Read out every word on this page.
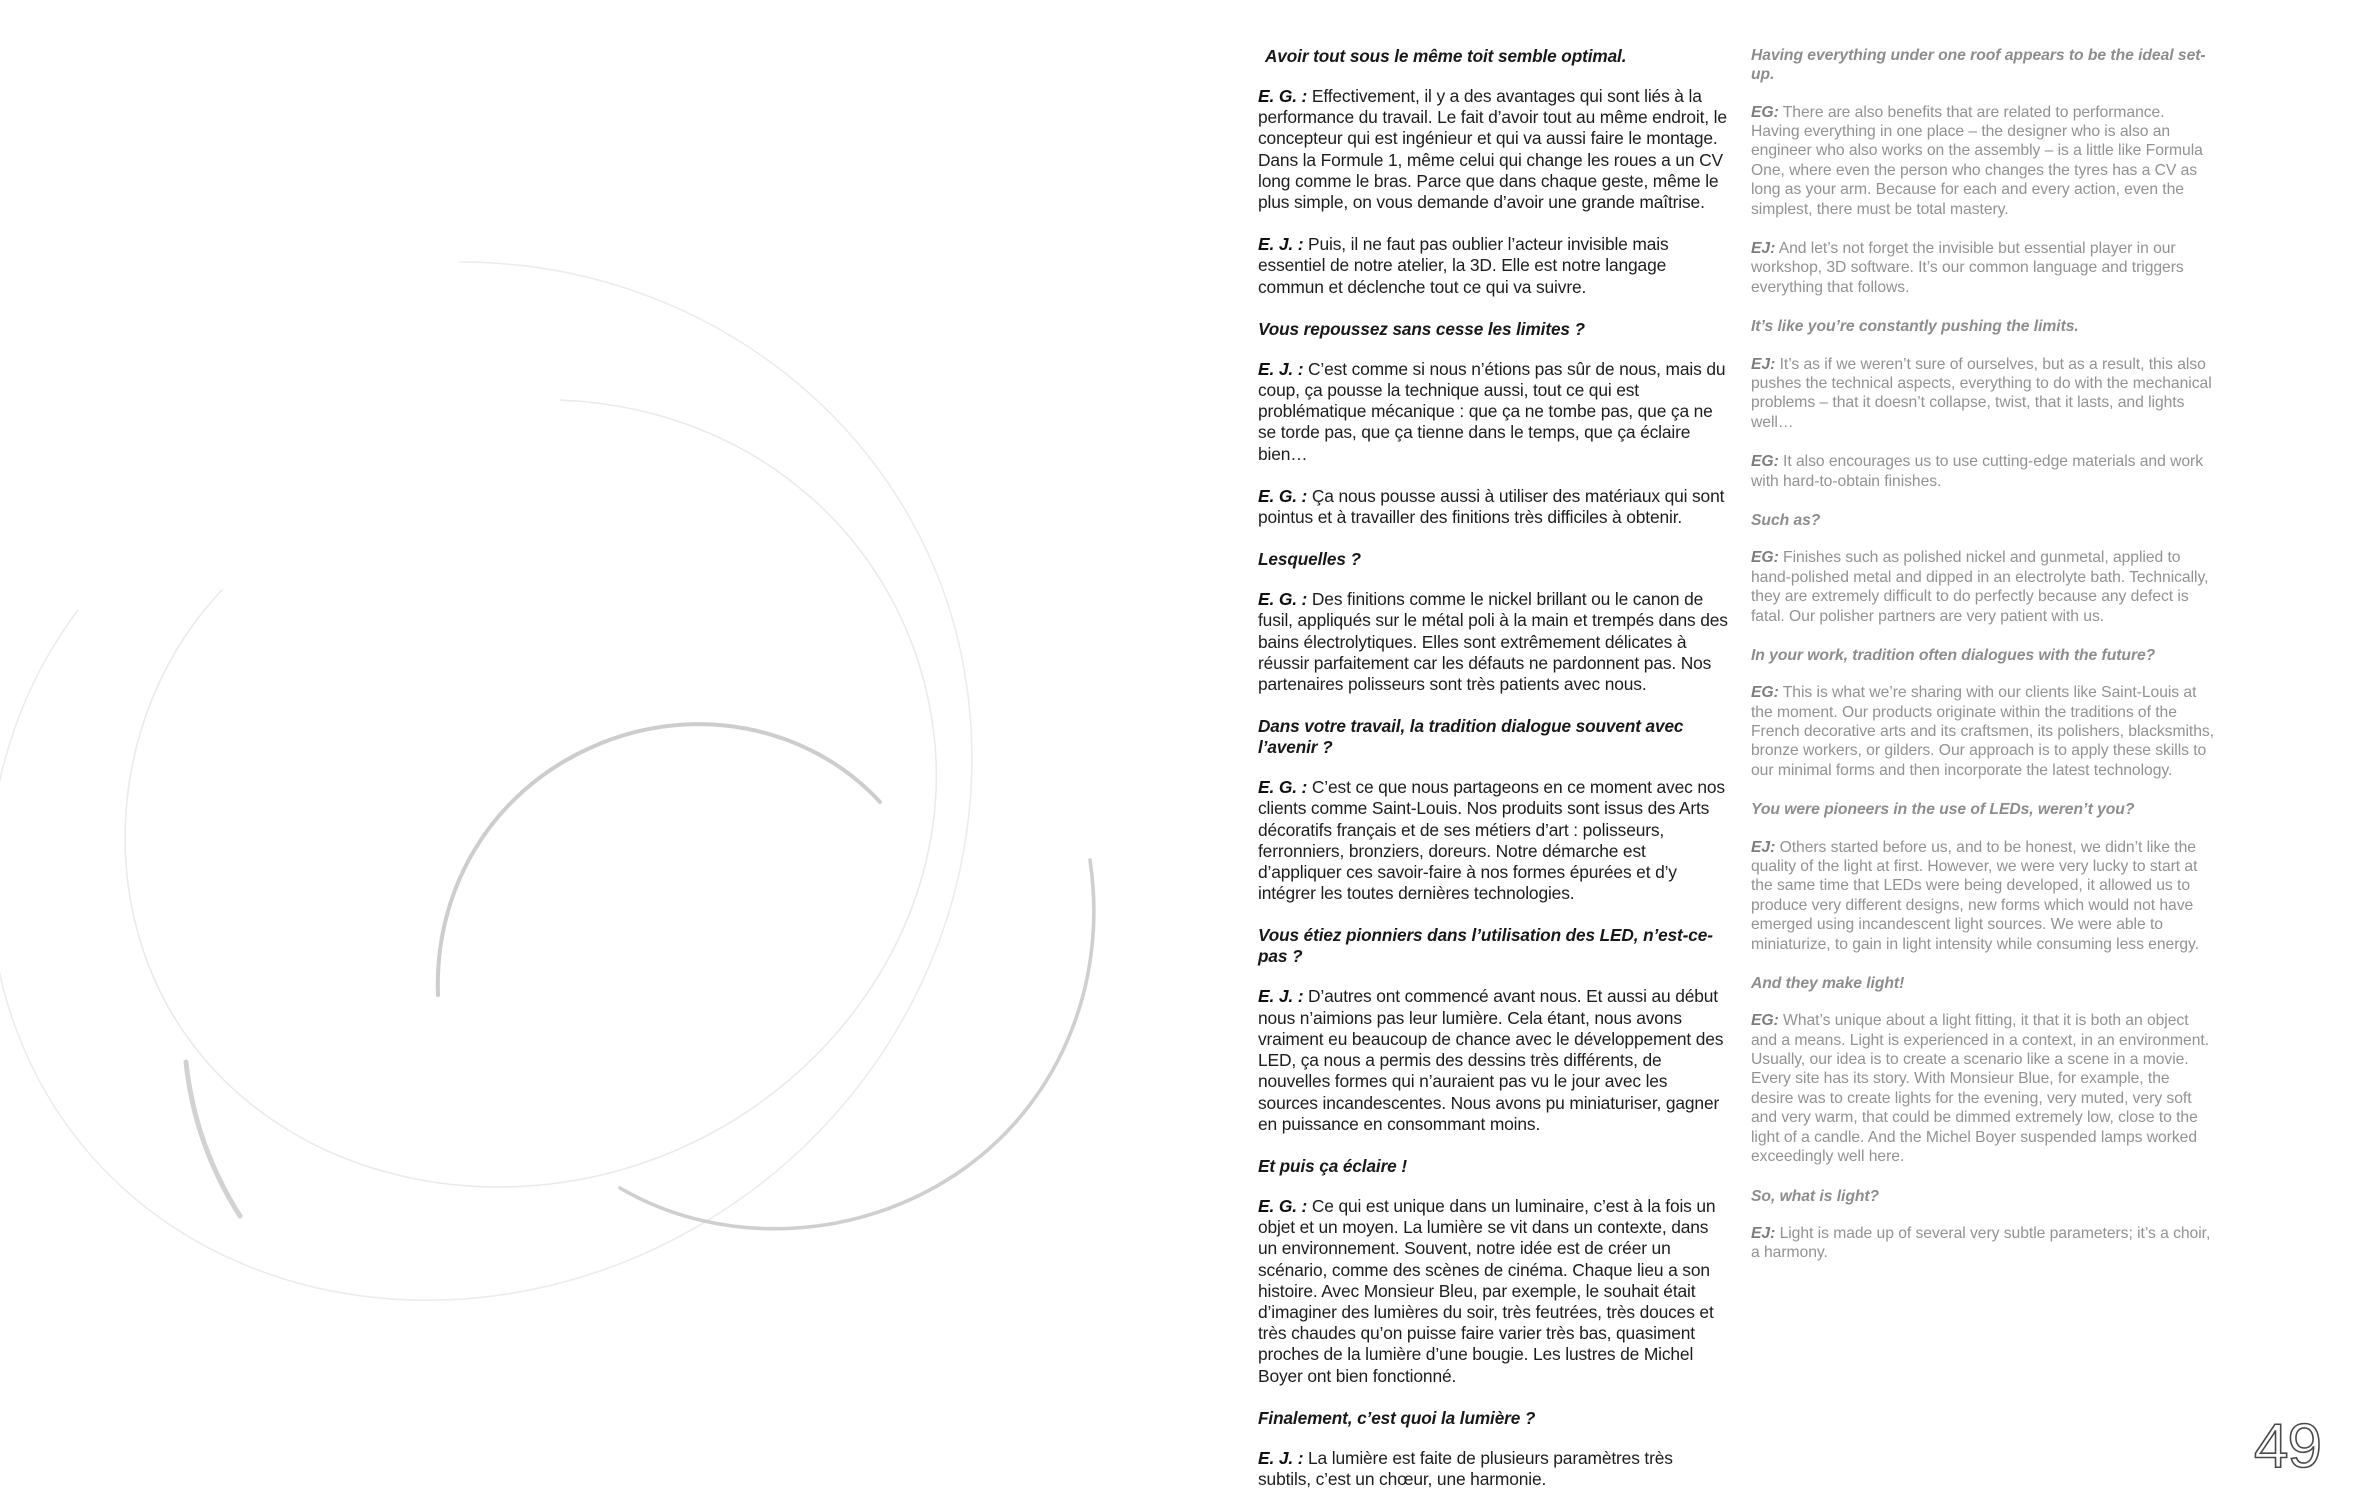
Avoir tout sous le même toit semble optimal.

E. G. : Effectivement, il y a des avantages qui sont liés à la performance du travail. Le fait d’avoir tout au même endroit, le concepteur qui est ingénieur et qui va aussi faire le montage. Dans la Formule 1, même celui qui change les roues a un CV long comme le bras. Parce que dans chaque geste, même le plus simple, on vous demande d’avoir une grande maîtrise.

E. J. : Puis, il ne faut pas oublier l’acteur invisible mais essentiel de notre atelier, la 3D. Elle est notre langage commun et déclenche tout ce qui va suivre.

Vous repoussez sans cesse les limites ?

E. J. : C’est comme si nous n’étions pas sûr de nous, mais du coup, ça pousse la technique aussi, tout ce qui est problématique mécanique : que ça ne tombe pas, que ça ne se torde pas, que ça tienne dans le temps, que ça éclaire bien…

E. G. : Ça nous pousse aussi à utiliser des matériaux qui sont pointus et à travailler des finitions très difficiles à obtenir.

Lesquelles ?

E. G. : Des finitions comme le nickel brillant ou le canon de fusil, appliqués sur le métal poli à la main et trempés dans des bains électrolytiques. Elles sont extrêmement délicates à réussir parfaitement car les défauts ne pardonnent pas. Nos partenaires polisseurs sont très patients avec nous.

Dans votre travail, la tradition dialogue souvent avec l’avenir ?

E. G. : C’est ce que nous partageons en ce moment avec nos clients comme Saint-Louis. Nos produits sont issus des Arts décoratifs français et de ses métiers d’art : polisseurs, ferronniers, bronziers, doreurs. Notre démarche est d’appliquer ces savoir-faire à nos formes épurées et d’y intégrer les toutes dernières technologies.

Vous étiez pionniers dans l’utilisation des LED, n’est-ce-pas ?

E. J. : D’autres ont commencé avant nous. Et aussi au début nous n’aimions pas leur lumière. Cela étant, nous avons vraiment eu beaucoup de chance avec le développement des LED, ça nous a permis des dessins très différents, de nouvelles formes qui n’auraient pas vu le jour avec les sources incandescentes. Nous avons pu miniaturiser, gagner en puissance en consommant moins.

Et puis ça éclaire !

E. G. : Ce qui est unique dans un luminaire, c’est à la fois un objet et un moyen. La lumière se vit dans un contexte, dans un environnement. Souvent, notre idée est de créer un scénario, comme des scènes de cinéma. Chaque lieu a son histoire. Avec Monsieur Bleu, par exemple, le souhait était d’imaginer des lumières du soir, très feutrées, très douces et très chaudes qu’on puisse faire varier très bas, quasiment proches de la lumière d’une bougie. Les lustres de Michel Boyer ont bien fonctionné.

Finalement, c’est quoi la lumière ?

E. J. : La lumière est faite de plusieurs paramètres très subtils, c’est un chœur, une harmonie.

Having everything under one roof appears to be the ideal set-up.

EG: There are also benefits that are related to performance. Having everything in one place – the designer who is also an engineer who also works on the assembly – is a little like Formula One, where even the person who changes the tyres has a CV as long as your arm. Because for each and every action, even the simplest, there must be total mastery.

EJ: And let’s not forget the invisible but essential player in our workshop, 3D software. It’s our common language and triggers everything that follows.

It’s like you’re constantly pushing the limits.

EJ: It’s as if we weren’t sure of ourselves, but as a result, this also pushes the technical aspects, everything to do with the mechanical problems – that it doesn’t collapse, twist, that it lasts, and lights well…

EG: It also encourages us to use cutting-edge materials and work with hard-to-obtain finishes.

Such as?

EG: Finishes such as polished nickel and gunmetal, applied to hand-polished metal and dipped in an electrolyte bath. Technically, they are extremely difficult to do perfectly because any defect is fatal. Our polisher partners are very patient with us.

In your work, tradition often dialogues with the future?

EG: This is what we’re sharing with our clients like Saint-Louis at the moment. Our products originate within the traditions of the French decorative arts and its craftsmen, its polishers, blacksmiths, bronze workers, or gilders. Our approach is to apply these skills to our minimal forms and then incorporate the latest technology.

You were pioneers in the use of LEDs, weren’t you?

EJ: Others started before us, and to be honest, we didn’t like the quality of the light at first. However, we were very lucky to start at the same time that LEDs were being developed, it allowed us to produce very different designs, new forms which would not have emerged using incandescent light sources. We were able to miniaturize, to gain in light intensity while consuming less energy.

And they make light!

EG: What’s unique about a light fitting, it that it is both an object and a means. Light is experienced in a context, in an environment. Usually, our idea is to create a scenario like a scene in a movie. Every site has its story. With Monsieur Blue, for example, the desire was to create lights for the evening, very muted, very soft and very warm, that could be dimmed extremely low, close to the light of a candle. And the Michel Boyer suspended lamps worked exceedingly well here.

So, what is light?

EJ: Light is made up of several very subtle parameters; it’s a choir, a harmony.

49
